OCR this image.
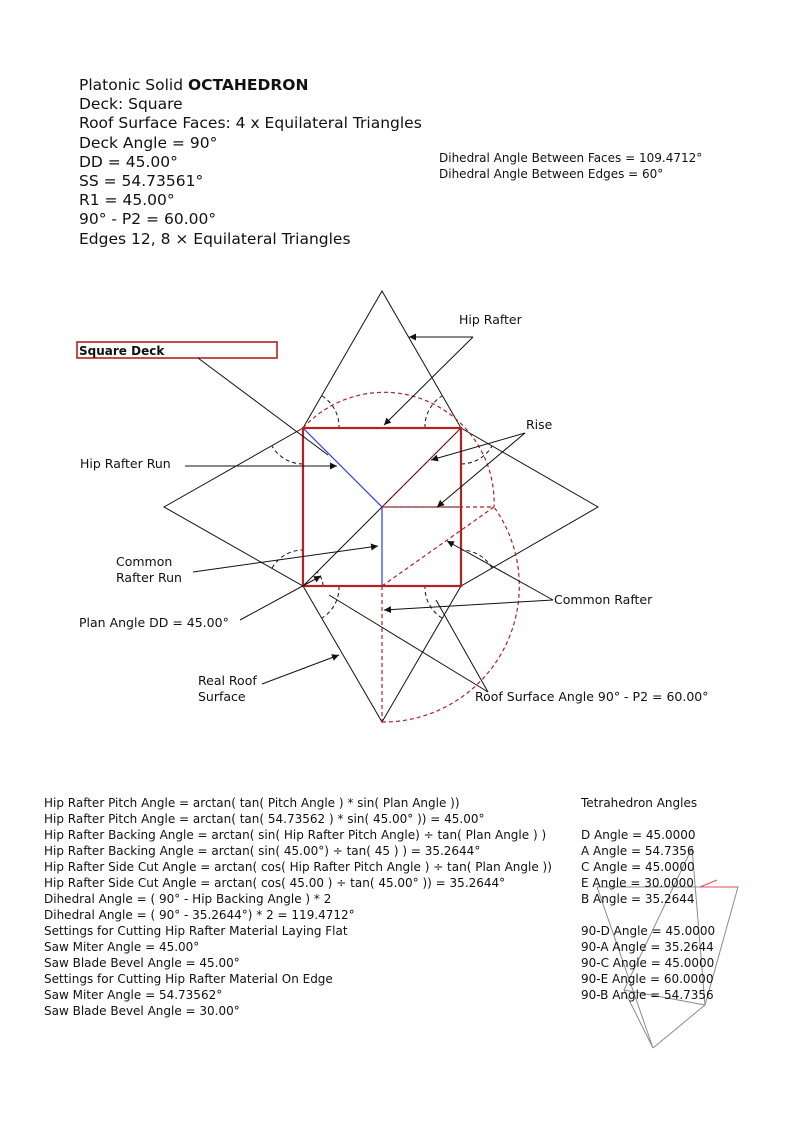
Platonic Solid OCTAHEDRON
Deck: Square
Roof Surface Faces: 4 x Equilateral Triangles
Deck Angle = 90°
DD = 45.00°
SS = 54.73561°
R1 = 45.00°
90° - P2 = 60.00°
Edges 12, 8 × Equilateral Triangles
Dihedral Angle Between Faces = 109.4712°
Dihedral Angle Between Edges = 60°
Square Deck
Hip Rafter
Rise
Hip Rafter Run
Common
Rafter Run
Common Rafter
Plan Angle DD = 45.00°
Real Roof
Surface	Roof Surface Angle 90° - P2 = 60.00°
Hip Rafter Pitch Angle = arctan( tan( Pitch Angle ) * sin( Plan Angle ))
Hip Rafter Pitch Angle = arctan( tan( 54.73562 ) * sin( 45.00° )) = 45.00°
Hip Rafter Backing Angle = arctan( sin( Hip Rafter Pitch Angle) ÷ tan( Plan Angle ) )
Hip Rafter Backing Angle = arctan( sin( 45.00°) ÷ tan( 45 ) ) = 35.2644°
Hip Rafter Side Cut Angle = arctan( cos( Hip Rafter Pitch Angle ) ÷ tan( Plan Angle ))
Hip Rafter Side Cut Angle = arctan( cos( 45.00 ) ÷ tan( 45.00° )) = 35.2644°
Dihedral Angle = ( 90° - Hip Backing Angle ) * 2
Dihedral Angle = ( 90° - 35.2644°) * 2 = 119.4712°
Settings for Cutting Hip Rafter Material Laying Flat
Saw Miter Angle = 45.00°
Saw Blade Bevel Angle = 45.00°
Settings for Cutting Hip Rafter Material On Edge
Saw Miter Angle = 54.73562°
Saw Blade Bevel Angle = 30.00°
Tetrahedron Angles
D Angle = 45.0000
A Angle = 54.7356
C Angle = 45.0000
E Angle = 30.0000
B Angle = 35.2644
90-D Angle = 45.0000
90-A Angle = 35.2644
90-C Angle = 45.0000
90-E Angle = 60.0000
90-B Angle = 54.7356
